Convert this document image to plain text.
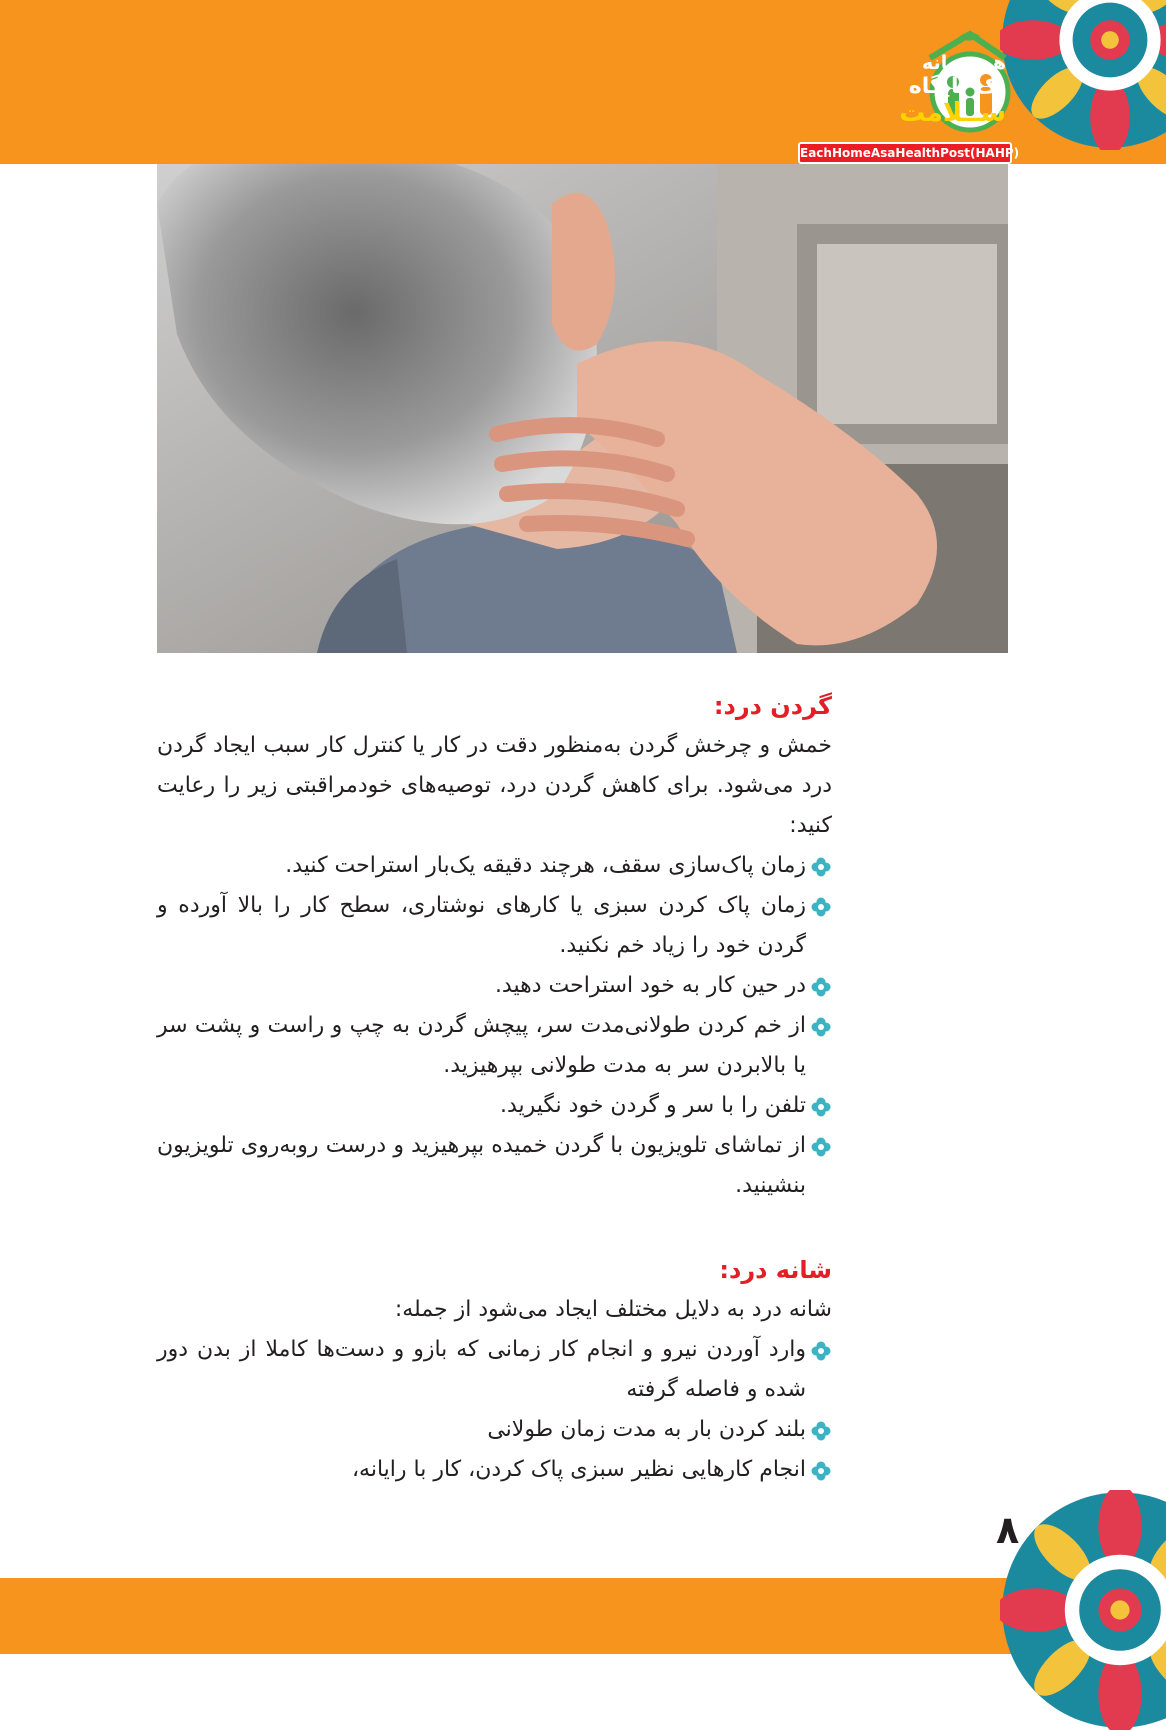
هرخـــانه
یک پایگاه
ســلامت
EachHomeAsaHealthPost(HAHP)

گردن درد:

خمش و چرخش گردن به‌منظور دقت در کار یا کنترل کار سبب ایجاد گردن درد می‌شود. برای کاهش گردن درد، توصیه‌های خودمراقبتی زیر را رعایت کنید:

زمان پاک‌سازی سقف، هرچند دقیقه یک‌بار استراحت کنید.
زمان پاک کردن سبزی یا کارهای نوشتاری، سطح کار را بالا آورده و گردن خود را زیاد خم نکنید.
در حین کار به خود استراحت دهید.
از خم کردن طولانی‌مدت سر، پیچش گردن به چپ و راست و پشت سر یا بالابردن سر به مدت طولانی بپرهیزید.
تلفن را با سر و گردن خود نگیرید.
از تماشای تلویزیون با گردن خمیده بپرهیزید و درست روبه‌روی تلویزیون بنشینید.

شانه درد:

شانه درد به دلایل مختلف ایجاد می‌شود از جمله:

وارد آوردن نیرو و انجام کار زمانی که بازو و دست‌ها کاملا از بدن دور شده و فاصله گرفته
بلند کردن بار به مدت زمان طولانی
انجام کارهایی نظیر سبزی پاک کردن، کار با رایانه،
۸
